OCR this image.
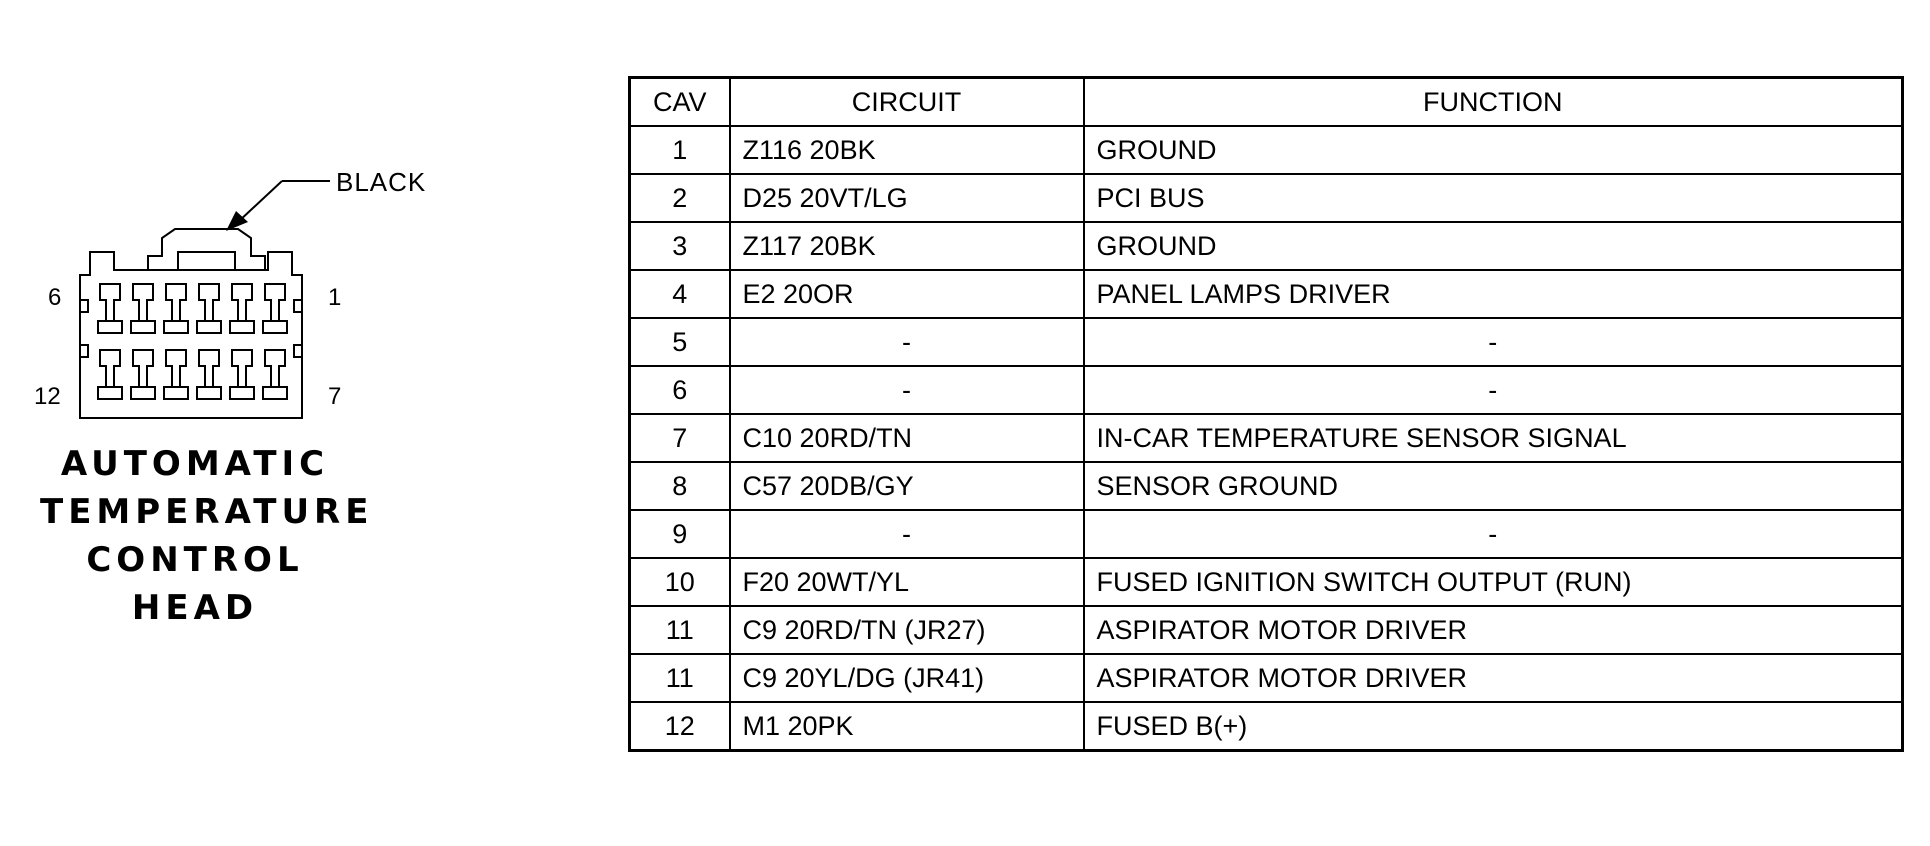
BLACK
6	1
12	7
AUTOMATIC
TEMPERATURE
CONTROL
HEAD
CAV	CIRCUIT	FUNCTION
1	Z116 20BK	GROUND
2	D25 20VT/LG	PCI BUS
3	Z117 20BK	GROUND
4	E2 20OR	PANEL LAMPS DRIVER
5	-	-
6	-	-
7	C10 20RD/TN	IN-CAR TEMPERATURE SENSOR SIGNAL
8	C57 20DB/GY	SENSOR GROUND
9	-	-
10	F20 20WT/YL	FUSED IGNITION SWITCH OUTPUT (RUN)
11	C9 20RD/TN (JR27)	ASPIRATOR MOTOR DRIVER
11	C9 20YL/DG (JR41)	ASPIRATOR MOTOR DRIVER
12	M1 20PK	FUSED B(+)
